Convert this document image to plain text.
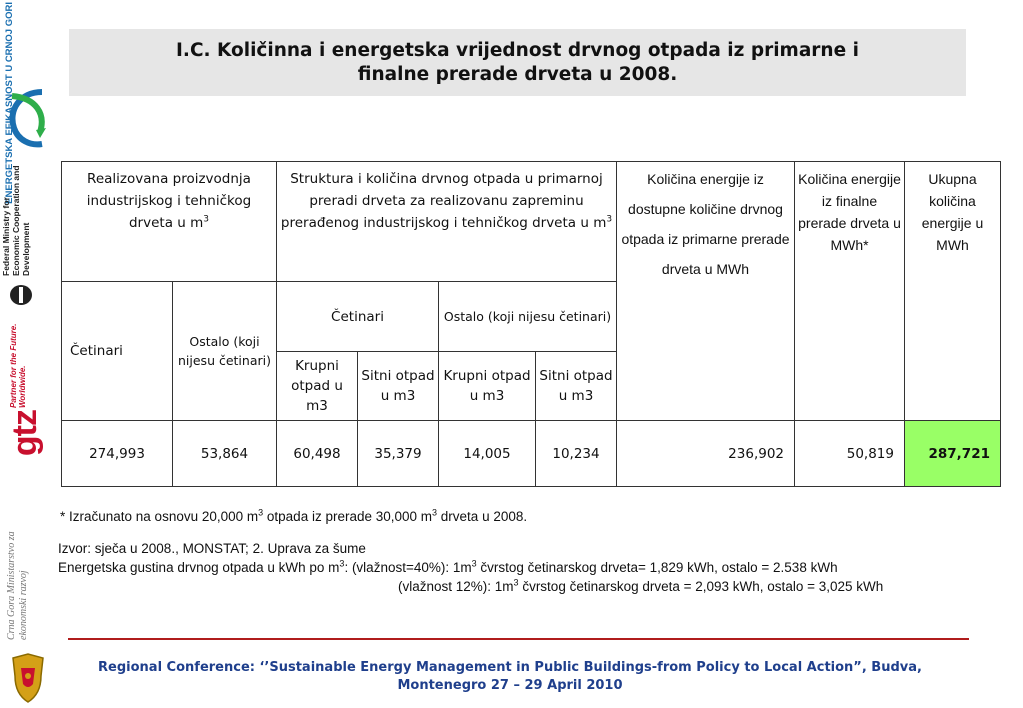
ENERGETSKA EFIKASNOST U CRNOJ GORI
Federal Ministry for Economic Cooperation and Development
Partner for the Future. Worldwide.
gtz
Crna Gora Ministarstvo za ekonomski razvoj
I.C. Količinna i energetska vrijednost drvnog otpada iz primarne i finalne prerade drveta u 2008.
Realizovana proizvodnja industrijskog i tehničkog drveta u $m^3$		Struktura i količina drvnog otpada u primarnoj preradi drveta za realizovanu zapreminu prerađenog industrijskog i tehničkog drveta u $m^3$				Količina energije iz dostupne količine drvnog otpada iz primarne prerade drveta u MWh	Količina energije iz finalne prerade drveta u MWh*	Ukupna količina energije u
MWh
Četinari	Ostalo (koji nijesu četinari)	Četinari		Ostalo (koji nijesu četinari)				
		Krupni otpad u m3	Sitni otpad u m3	Krupni otpad u m3	Sitni otpad u m3			
274,993	53,864	60,498	35,379	14,005	10,234	236,902	50,819	287,721
* Izračunato na osnovu 20,000 $m^3$ otpada iz prerade 30,000 $m^3$ drveta u 2008.
Izvor: sječa u 2008., MONSTAT; 2. Uprava za šume
Energetska gustina drvnog otpada u kWh po $m^3$: (vlažnost=40%): $1m^3$ čvrstog četinarskog drveta= 1,829 kWh, ostalo = 2.538 kWh
(vlažnost 12%): $1m^3$ čvrstog četinarskog drveta = 2,093 kWh, ostalo = 3,025 kWh
Regional Conference: ‘’Sustainable Energy Management in Public Buildings-from Policy to Local Action”, Budva,
Montenegro 27 – 29 April 2010
